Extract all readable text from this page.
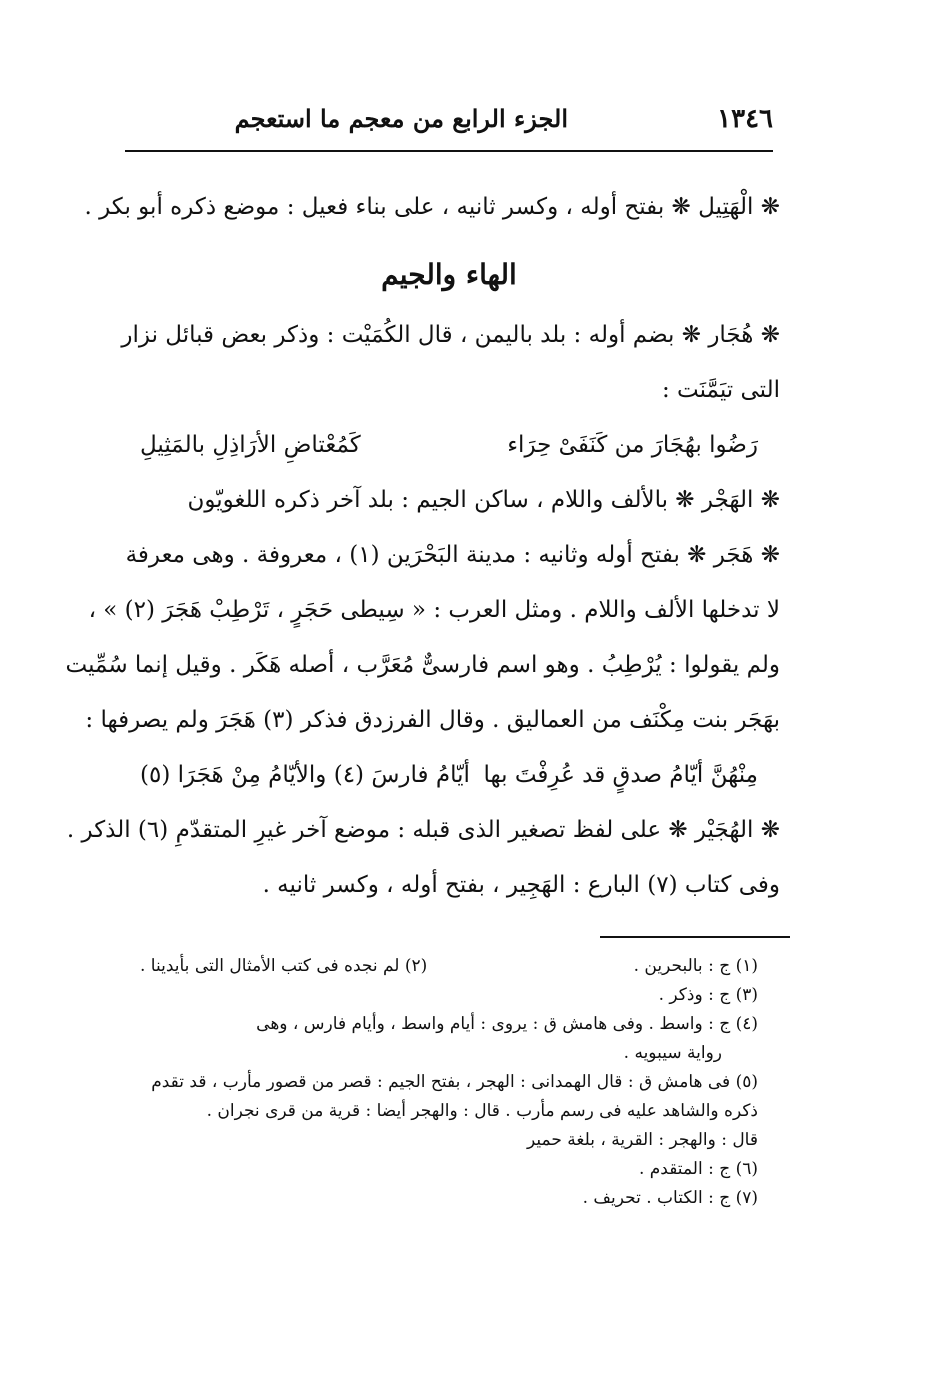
١٣٤٦
الجزء الرابع من معجم ما استعجم
❋ الْهَتِيل ❋ بفتح أوله ، وكسر ثانيه ، على بناء فعيل : موضع ذكره أبو بكر .
الهاء والجيم
❋ هُجَار ❋ بضم أوله : بلد باليمن ، قال الكُمَيْت : وذكر بعض قبائل نزار
التى تيَمَّنَت :
رَضُوا بهُجَارَ من كَنَفَىْ حِرَاء
كَمُعْتاضِ الأرَاذِلِ بالمَثِيلِ
❋ الهَجْر ❋ بالألف واللام ، ساكن الجيم : بلد آخر ذكره اللغويّون
❋ هَجَر ❋ بفتح أوله وثانيه : مدينة البَحْرَين (١) ، معروفة . وهى معرفة
لا تدخلها الألف واللام . ومثل العرب : « سِيطى حَجَرٍ ، تَرْطِبْ هَجَرَ (٢) » ،
ولم يقولوا : يُرْطِبُ . وهو اسم فارسىٌّ مُعَرَّب ، أصله هَكَر . وقيل إنما سُمِّيت
بهَجَر بنت مِكْنَف من العماليق . وقال الفرزدق فذكر (٣) هَجَرَ ولم يصرفها :
مِنْهُنَّ أيّامُ صدقٍ قد عُرِفْتَ بها
أيّامُ فارسَ (٤) والأيّامُ مِنْ هَجَرَا (٥)
❋ الهُجَيْر ❋ على لفظ تصغير الذى قبله : موضع آخر غيرِ المتقدّمِ (٦) الذكر .
وفى كتاب (٧) البارع : الهَجِير ، بفتح أوله ، وكسر ثانيه .
(١) ج : بالبحرين .
(٢) لم نجده فى كتب الأمثال التى بأيدينا .
(٣) ج : وذكر .
(٤) ج : واسط . وفى هامش ق : يروى : أيام واسط ، وأيام فارس ، وهى
رواية سيبويه .
(٥) فى هامش ق : قال الهمدانى : الهجر ، بفتح الجيم : قصر من قصور مأرب ، قد تقدم
ذكره والشاهد عليه فى رسم مأرب . قال : والهجر أيضا : قرية من قرى نجران .
قال : والهجر : القرية ، بلغة حمير
(٦) ج : المتقدم .
(٧) ج : الكتاب . تحريف .
